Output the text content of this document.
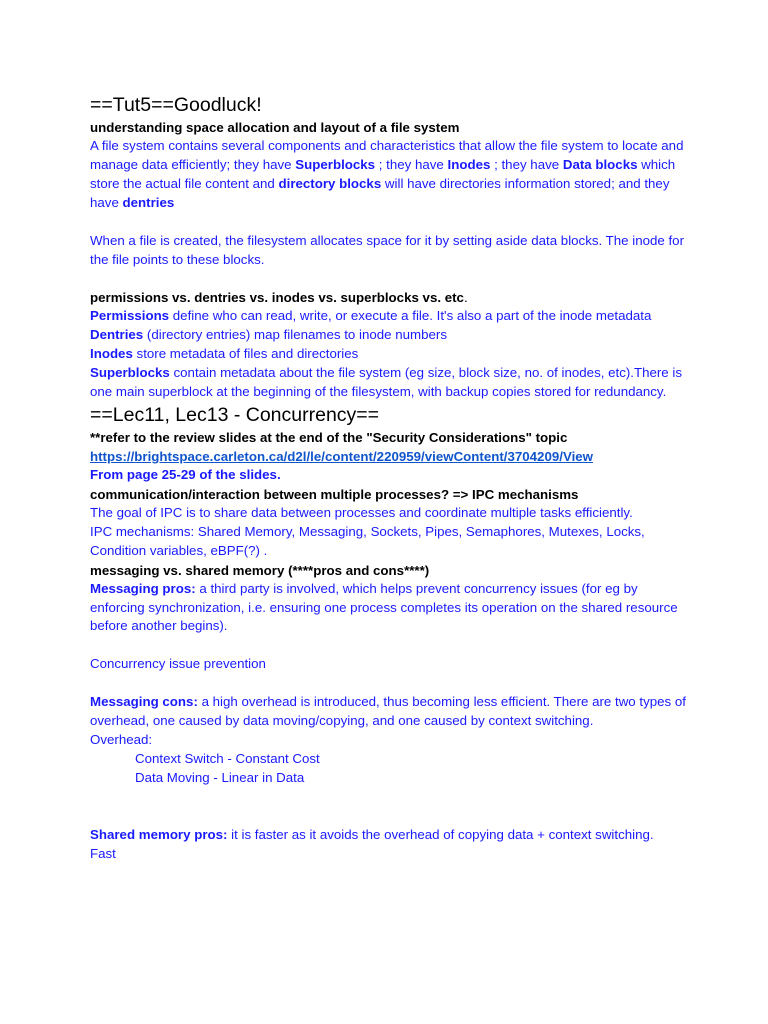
==Tut5==Goodluck!
understanding space allocation and layout of a file system
A file system contains several components and characteristics that allow the file system to locate and manage data efficiently; they have Superblocks ; they have Inodes ; they have Data blocks which store the actual file content and directory blocks will have directories information stored; and they have dentries
When a file is created, the filesystem allocates space for it by setting aside data blocks. The inode for the file points to these blocks.
permissions vs. dentries vs. inodes vs. superblocks vs. etc.
Permissions define who can read, write, or execute a file. It's also a part of the inode metadata
Dentries (directory entries) map filenames to inode numbers
Inodes store metadata of files and directories
Superblocks contain metadata about the file system (eg size, block size, no. of inodes, etc).There is one main superblock at the beginning of the filesystem, with backup copies stored for redundancy.
==Lec11, Lec13 - Concurrency==
**refer to the review slides at the end of the "Security Considerations" topic
https://brightspace.carleton.ca/d2l/le/content/220959/viewContent/3704209/View
From page 25-29 of the slides.
communication/interaction between multiple processes? => IPC mechanisms
The goal of IPC is to share data between processes and coordinate multiple tasks efficiently.
IPC mechanisms: Shared Memory, Messaging, Sockets, Pipes, Semaphores, Mutexes, Locks, Condition variables, eBPF(?) .
messaging vs. shared memory (****pros and cons****)
Messaging pros: a third party is involved, which helps prevent concurrency issues (for eg by enforcing synchronization, i.e. ensuring one process completes its operation on the shared resource before another begins).
Concurrency issue prevention
Messaging cons: a high overhead is introduced, thus becoming less efficient. There are two types of overhead, one caused by data moving/copying, and one caused by context switching.
Overhead:
Context Switch - Constant Cost
Data Moving - Linear in Data
Shared memory pros: it is faster as it avoids the overhead of copying data + context switching.
Fast
